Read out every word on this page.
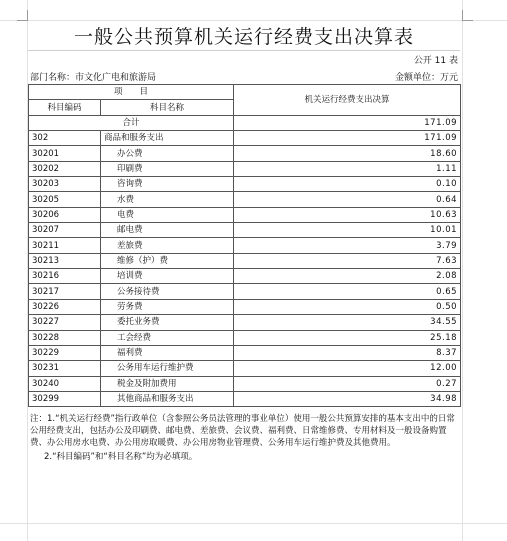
一般公共预算机关运行经费支出决算表
公开 11 表
部门名称：市文化广电和旅游局	金额单位：万元
项　　目		机关运行经费支出决算
科目编码	科目名称	
合计		171.09
302	商品和服务支出	171.09
30201	办公费	18.60
30202	印刷费	1.11
30203	咨询费	0.10
30205	水费	0.64
30206	电费	10.63
30207	邮电费	10.01
30211	差旅费	3.79
30213	维修（护）费	7.63
30216	培训费	2.08
30217	公务接待费	0.65
30226	劳务费	0.50
30227	委托业务费	34.55
30228	工会经费	25.18
30229	福利费	8.37
30231	公务用车运行维护费	12.00
30240	税金及附加费用	0.27
30299	其他商品和服务支出	34.98

注：1.“机关运行经费”指行政单位（含参照公务员法管理的事业单位）使用一般公共预算安排的基本支出中的日常公用经费支出，包括办公及印刷费、邮电费、差旅费、会议费、福利费、日常维修费、专用材料及一般设备购置费、办公用房水电费、办公用房取暖费、办公用房物业管理费、公务用车运行维护费及其他费用。

2.“科目编码”和“科目名称”均为必填项。
